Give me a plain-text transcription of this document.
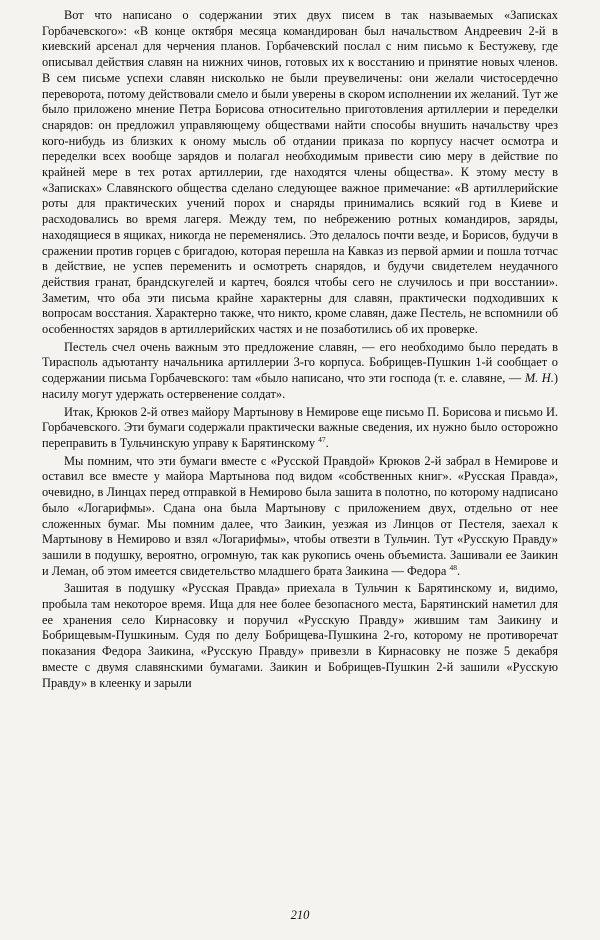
Вот что написано о содержании этих двух писем в так называемых «Записках Горбачевского»: «В конце октября месяца командирован был начальством Андреевич 2-й в киевский арсенал для черчения планов. Горбачевский послал с ним письмо к Бестужеву, где описывал действия славян на нижних чинов, готовых их к восстанию и принятие новых членов. В сем письме успехи славян нисколько не были преувеличены: они желали чистосердечно переворота, потому действовали смело и были уверены в скором исполнении их желаний. Тут же было приложено мнение Петра Борисова относительно приготовления артиллерии и переделки снарядов: он предложил управляющему обществами найти способы внушить начальству чрез кого-нибудь из близких к оному мысль об отдании приказа по корпусу насчет осмотра и переделки всех вообще зарядов и полагал необходимым привести сию меру в действие по крайней мере в тех ротах артиллерии, где находятся члены общества». К этому месту в «Записках» Славянского общества сделано следующее важное примечание: «В артиллерийские роты для практических учений порох и снаряды принимались всякий год в Киеве и расходовались во время лагеря. Между тем, по небрежению ротных командиров, заряды, находящиеся в ящиках, никогда не переменялись. Это делалось почти везде, и Борисов, будучи в сражении против горцев с бригадою, которая перешла на Кавказ из первой армии и пошла тотчас в действие, не успев переменить и осмотреть снарядов, и будучи свидетелем неудачного действия гранат, брандскугелей и картеч, боялся чтобы сего не случилось и при восстании». Заметим, что оба эти письма крайне характерны для славян, практически подходивших к вопросам восстания. Характерно также, что никто, кроме славян, даже Пестель, не вспомнили об особенностях зарядов в артиллерийских частях и не позаботились об их проверке.

Пестель счел очень важным это предложение славян, — его необходимо было передать в Тирасполь адъютанту начальника артиллерии 3-го корпуса. Бобрищев-Пушкин 1-й сообщает о содержании письма Горбачевского: там «было написано, что эти господа (т. е. славяне, — М. Н.) насилу могут удержать остервенение солдат».

Итак, Крюков 2-й отвез майору Мартынову в Немирове еще письмо П. Борисова и письмо И. Горбачевского. Эти бумаги содержали практически важные сведения, их нужно было осторожно переправить в Тульчинскую управу к Барятинскому $^{47}$.

Мы помним, что эти бумаги вместе с «Русской Правдой» Крюков 2-й забрал в Немирове и оставил все вместе у майора Мартынова под видом «собственных книг». «Русская Правда», очевидно, в Линцах перед отправкой в Немирово была зашита в полотно, по которому надписано было «Логарифмы». Сдана она была Мартынову с приложением двух, отдельно от нее сложенных бумаг. Мы помним далее, что Заикин, уезжая из Линцов от Пестеля, заехал к Мартынову в Немирово и взял «Логарифмы», чтобы отвезти в Тульчин. Тут «Русскую Правду» зашили в подушку, вероятно, огромную, так как рукопись очень объемиста. Зашивали ее Заикин и Леман, об этом имеется свидетельство младшего брата Заикина — Федора $^{48}$.

Зашитая в подушку «Русская Правда» приехала в Тульчин к Барятинскому и, видимо, пробыла там некоторое время. Ища для нее более безопасного места, Барятинский наметил для ее хранения село Кирнасовку и поручил «Русскую Правду» жившим там Заикину и Бобрищевым-Пушкиным. Судя по делу Бобрищева-Пушкина 2-го, которому не противоречат показания Федора Заикина, «Русскую Правду» привезли в Кирнасовку не позже 5 декабря вместе с двумя славянскими бумагами. Заикин и Бобрищев-Пушкин 2-й зашили «Русскую Правду» в клеенку и зарыли

210
